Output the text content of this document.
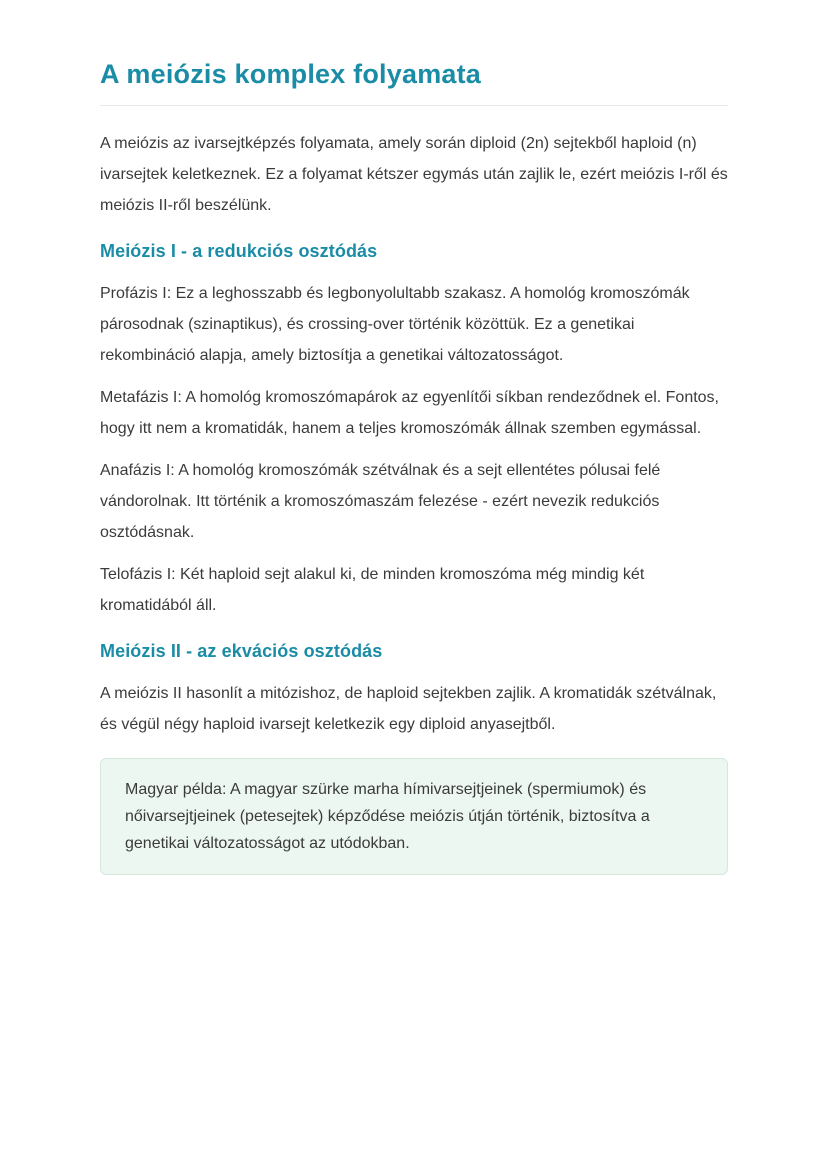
A meiózis komplex folyamata

A meiózis az ivarsejtképzés folyamata, amely során diploid (2n) sejtekből haploid (n) ivarsejtek keletkeznek. Ez a folyamat kétszer egymás után zajlik le, ezért meiózis I-ről és meiózis II-ről beszélünk.

Meiózis I - a redukciós osztódás

Profázis I: Ez a leghosszabb és legbonyolultabb szakasz. A homológ kromoszómák párosodnak (szinaptikus), és crossing-over történik közöttük. Ez a genetikai rekombináció alapja, amely biztosítja a genetikai változatosságot.

Metafázis I: A homológ kromoszómapárok az egyenlítői síkban rendeződnek el. Fontos, hogy itt nem a kromatidák, hanem a teljes kromoszómák állnak szemben egymással.

Anafázis I: A homológ kromoszómák szétválnak és a sejt ellentétes pólusai felé vándorolnak. Itt történik a kromoszómaszám felezése - ezért nevezik redukciós osztódásnak.

Telofázis I: Két haploid sejt alakul ki, de minden kromoszóma még mindig két kromatidából áll.

Meiózis II - az ekvációs osztódás

A meiózis II hasonlít a mitózishoz, de haploid sejtekben zajlik. A kromatidák szétválnak, és végül négy haploid ivarsejt keletkezik egy diploid anyasejtből.

Magyar példa: A magyar szürke marha hímivarsejtjeinek (spermiumok) és nőivarsejtjeinek (petesejtek) képződése meiózis útján történik, biztosítva a genetikai változatosságot az utódokban.
